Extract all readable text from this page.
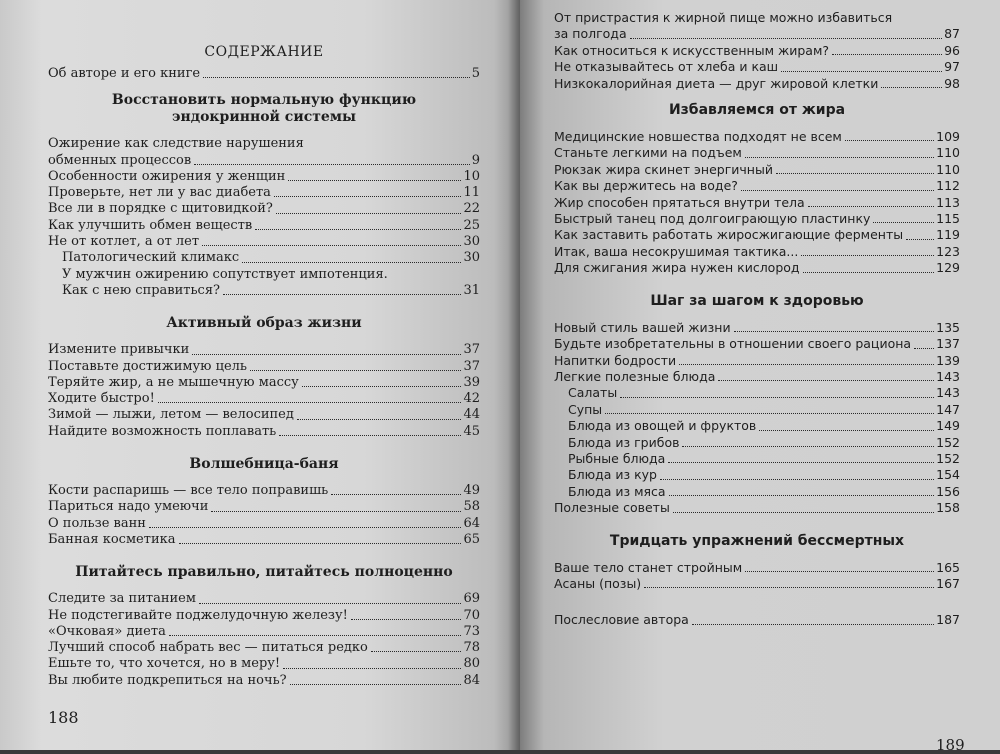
СОДЕРЖАНИЕ
Об авторе и его книге	5
Восстановить нормальную функцию
эндокринной системы
Ожирение как следствие нарушения
обменных процессов	9
Особенности ожирения у женщин	10
Проверьте, нет ли у вас диабета	11
Все ли в порядке с щитовидкой?	22
Как улучшить обмен веществ	25
Не от котлет, а от лет	30
Патологический климакс	30
У мужчин ожирению сопутствует импотенция.
Как с нею справиться?	31
Активный образ жизни
Измените привычки	37
Поставьте достижимую цель	37
Теряйте жир, а не мышечную массу	39
Ходите быстро!	42
Зимой — лыжи, летом — велосипед	44
Найдите возможность поплавать	45
Волшебница-баня
Кости распаришь — все тело поправишь	49
Париться надо умеючи	58
О пользе ванн	64
Банная косметика	65
Питайтесь правильно, питайтесь полноценно
Следите за питанием	69
Не подстегивайте поджелудочную железу!	70
«Очковая» диета	73
Лучший способ набрать вес — питаться редко	78
Ешьте то, что хочется, но в меру!	80
Вы любите подкрепиться на ночь?	84
От пристрастия к жирной пище можно избавиться
за полгода	87
Как относиться к искусственным жирам?	96
Не отказывайтесь от хлеба и каш	97
Низкокалорийная диета — друг жировой клетки	98
Избавляемся от жира
Медицинские новшества подходят не всем	109
Станьте легкими на подъем	110
Рюкзак жира скинет энергичный	110
Как вы держитесь на воде?	112
Жир способен прятаться внутри тела	113
Быстрый танец под долгоиграющую пластинку	115
Как заставить работать жиросжигающие ферменты	119
Итак, ваша несокрушимая тактика...	123
Для сжигания жира нужен кислород	129
Шаг за шагом к здоровью
Новый стиль вашей жизни	135
Будьте изобретательны в отношении своего рациона 137
Напитки бодрости	139
Легкие полезные блюда	143
Салаты	143
Супы	147
Блюда из овощей и фруктов	149
Блюда из грибов	152
Рыбные блюда	152
Блюда из кур	154
Блюда из мяса	156
Полезные советы	158
Тридцать упражнений бессмертных
Ваше тело станет стройным	165
Асаны (позы)	167
Послесловие автора	187
188
189
